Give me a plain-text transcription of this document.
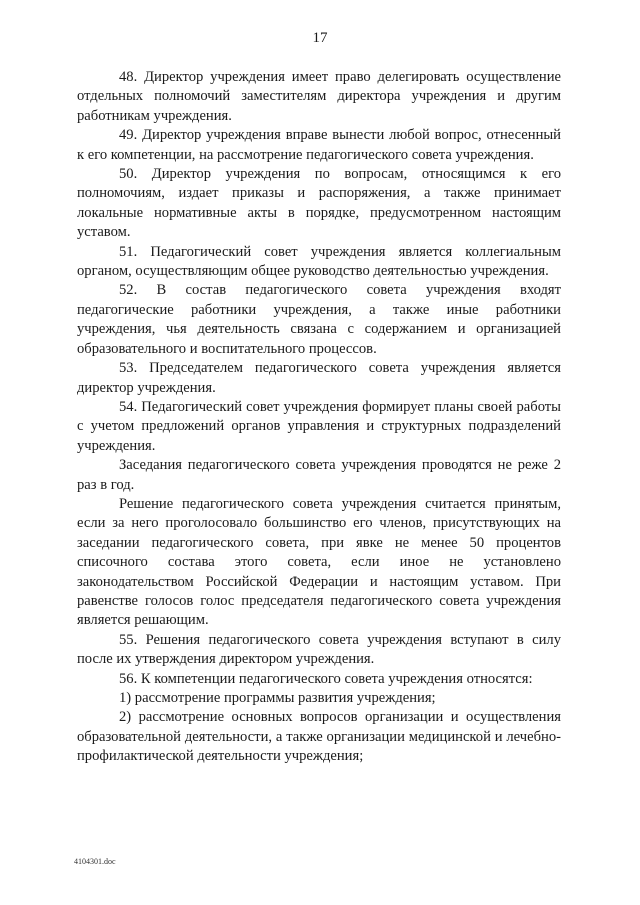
17

48. Директор учреждения имеет право делегировать осуществление отдельных полномочий заместителям директора учреждения и другим работникам учреждения.

49. Директор учреждения вправе вынести любой вопрос, отнесенный к его компетенции, на рассмотрение педагогического совета учреждения.

50. Директор учреждения по вопросам, относящимся к его полномочиям, издает приказы и распоряжения, а также принимает локальные нормативные акты в порядке, предусмотренном настоящим уставом.

51. Педагогический совет учреждения является коллегиальным органом, осуществляющим общее руководство деятельностью учреждения.

52. В состав педагогического совета учреждения входят педагогические работники учреждения, а также иные работники учреждения, чья деятельность связана с содержанием и организацией образовательного и воспитательного процессов.

53. Председателем педагогического совета учреждения является директор учреждения.

54. Педагогический совет учреждения формирует планы своей работы с учетом предложений органов управления и структурных подразделений учреждения.

Заседания педагогического совета учреждения проводятся не реже 2 раз в год.

Решение педагогического совета учреждения считается принятым, если за него проголосовало большинство его членов, присутствующих на заседании педагогического совета, при явке не менее 50 процентов списочного состава этого совета, если иное не установлено законодательством Российской Федерации и настоящим уставом. При равенстве голосов голос председателя педагогического совета учреждения является решающим.

55. Решения педагогического совета учреждения вступают в силу после их утверждения директором учреждения.

56. К компетенции педагогического совета учреждения относятся:

1) рассмотрение программы развития учреждения;

2) рассмотрение основных вопросов организации и осуществления образовательной деятельности, а также организации медицинской и лечебно-профилактической деятельности учреждения;

4104301.doc
